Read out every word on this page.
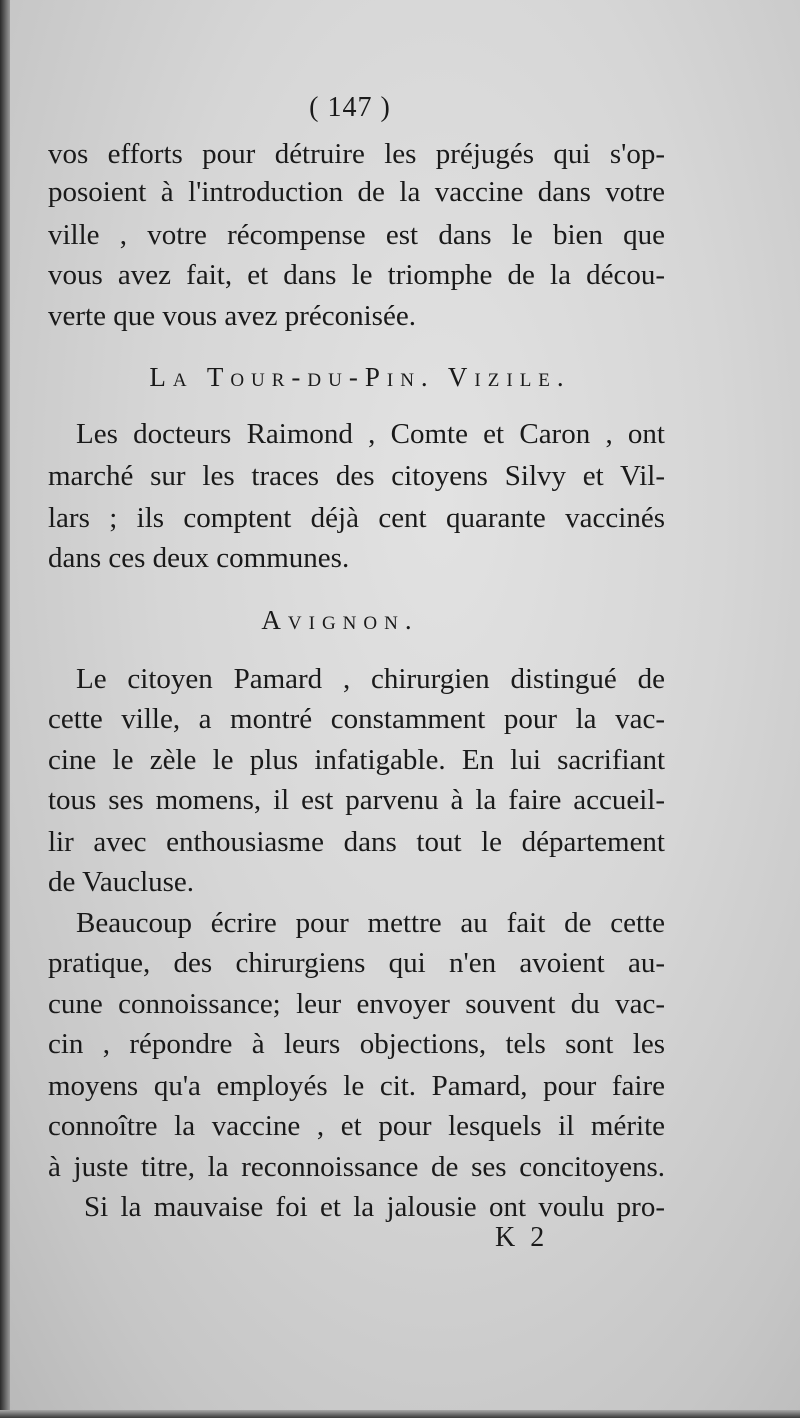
( 147 )
vos efforts pour détruire les préjugés qui s'op-
posoient à l'introduction de la vaccine dans votre
ville , votre récompense est dans le bien que
vous avez fait, et dans le triomphe de la décou-
verte que vous avez préconisée.
La Tour-du-Pin. Vizile.
Les docteurs Raimond , Comte et Caron , ont
marché sur les traces des citoyens Silvy et Vil-
lars ; ils comptent déjà cent quarante vaccinés
dans ces deux communes.
Avignon.
Le citoyen Pamard , chirurgien distingué de
cette ville, a montré constamment pour la vac-
cine le zèle le plus infatigable. En lui sacrifiant
tous ses momens, il est parvenu à la faire accueil-
lir avec enthousiasme dans tout le département
de Vaucluse.
Beaucoup écrire pour mettre au fait de cette
pratique, des chirurgiens qui n'en avoient au-
cune connoissance; leur envoyer souvent du vac-
cin , répondre à leurs objections, tels sont les
moyens qu'a employés le cit. Pamard, pour faire
connoître la vaccine , et pour lesquels il mérite
à juste titre, la reconnoissance de ses concitoyens.
Si la mauvaise foi et la jalousie ont voulu pro-
K 2
